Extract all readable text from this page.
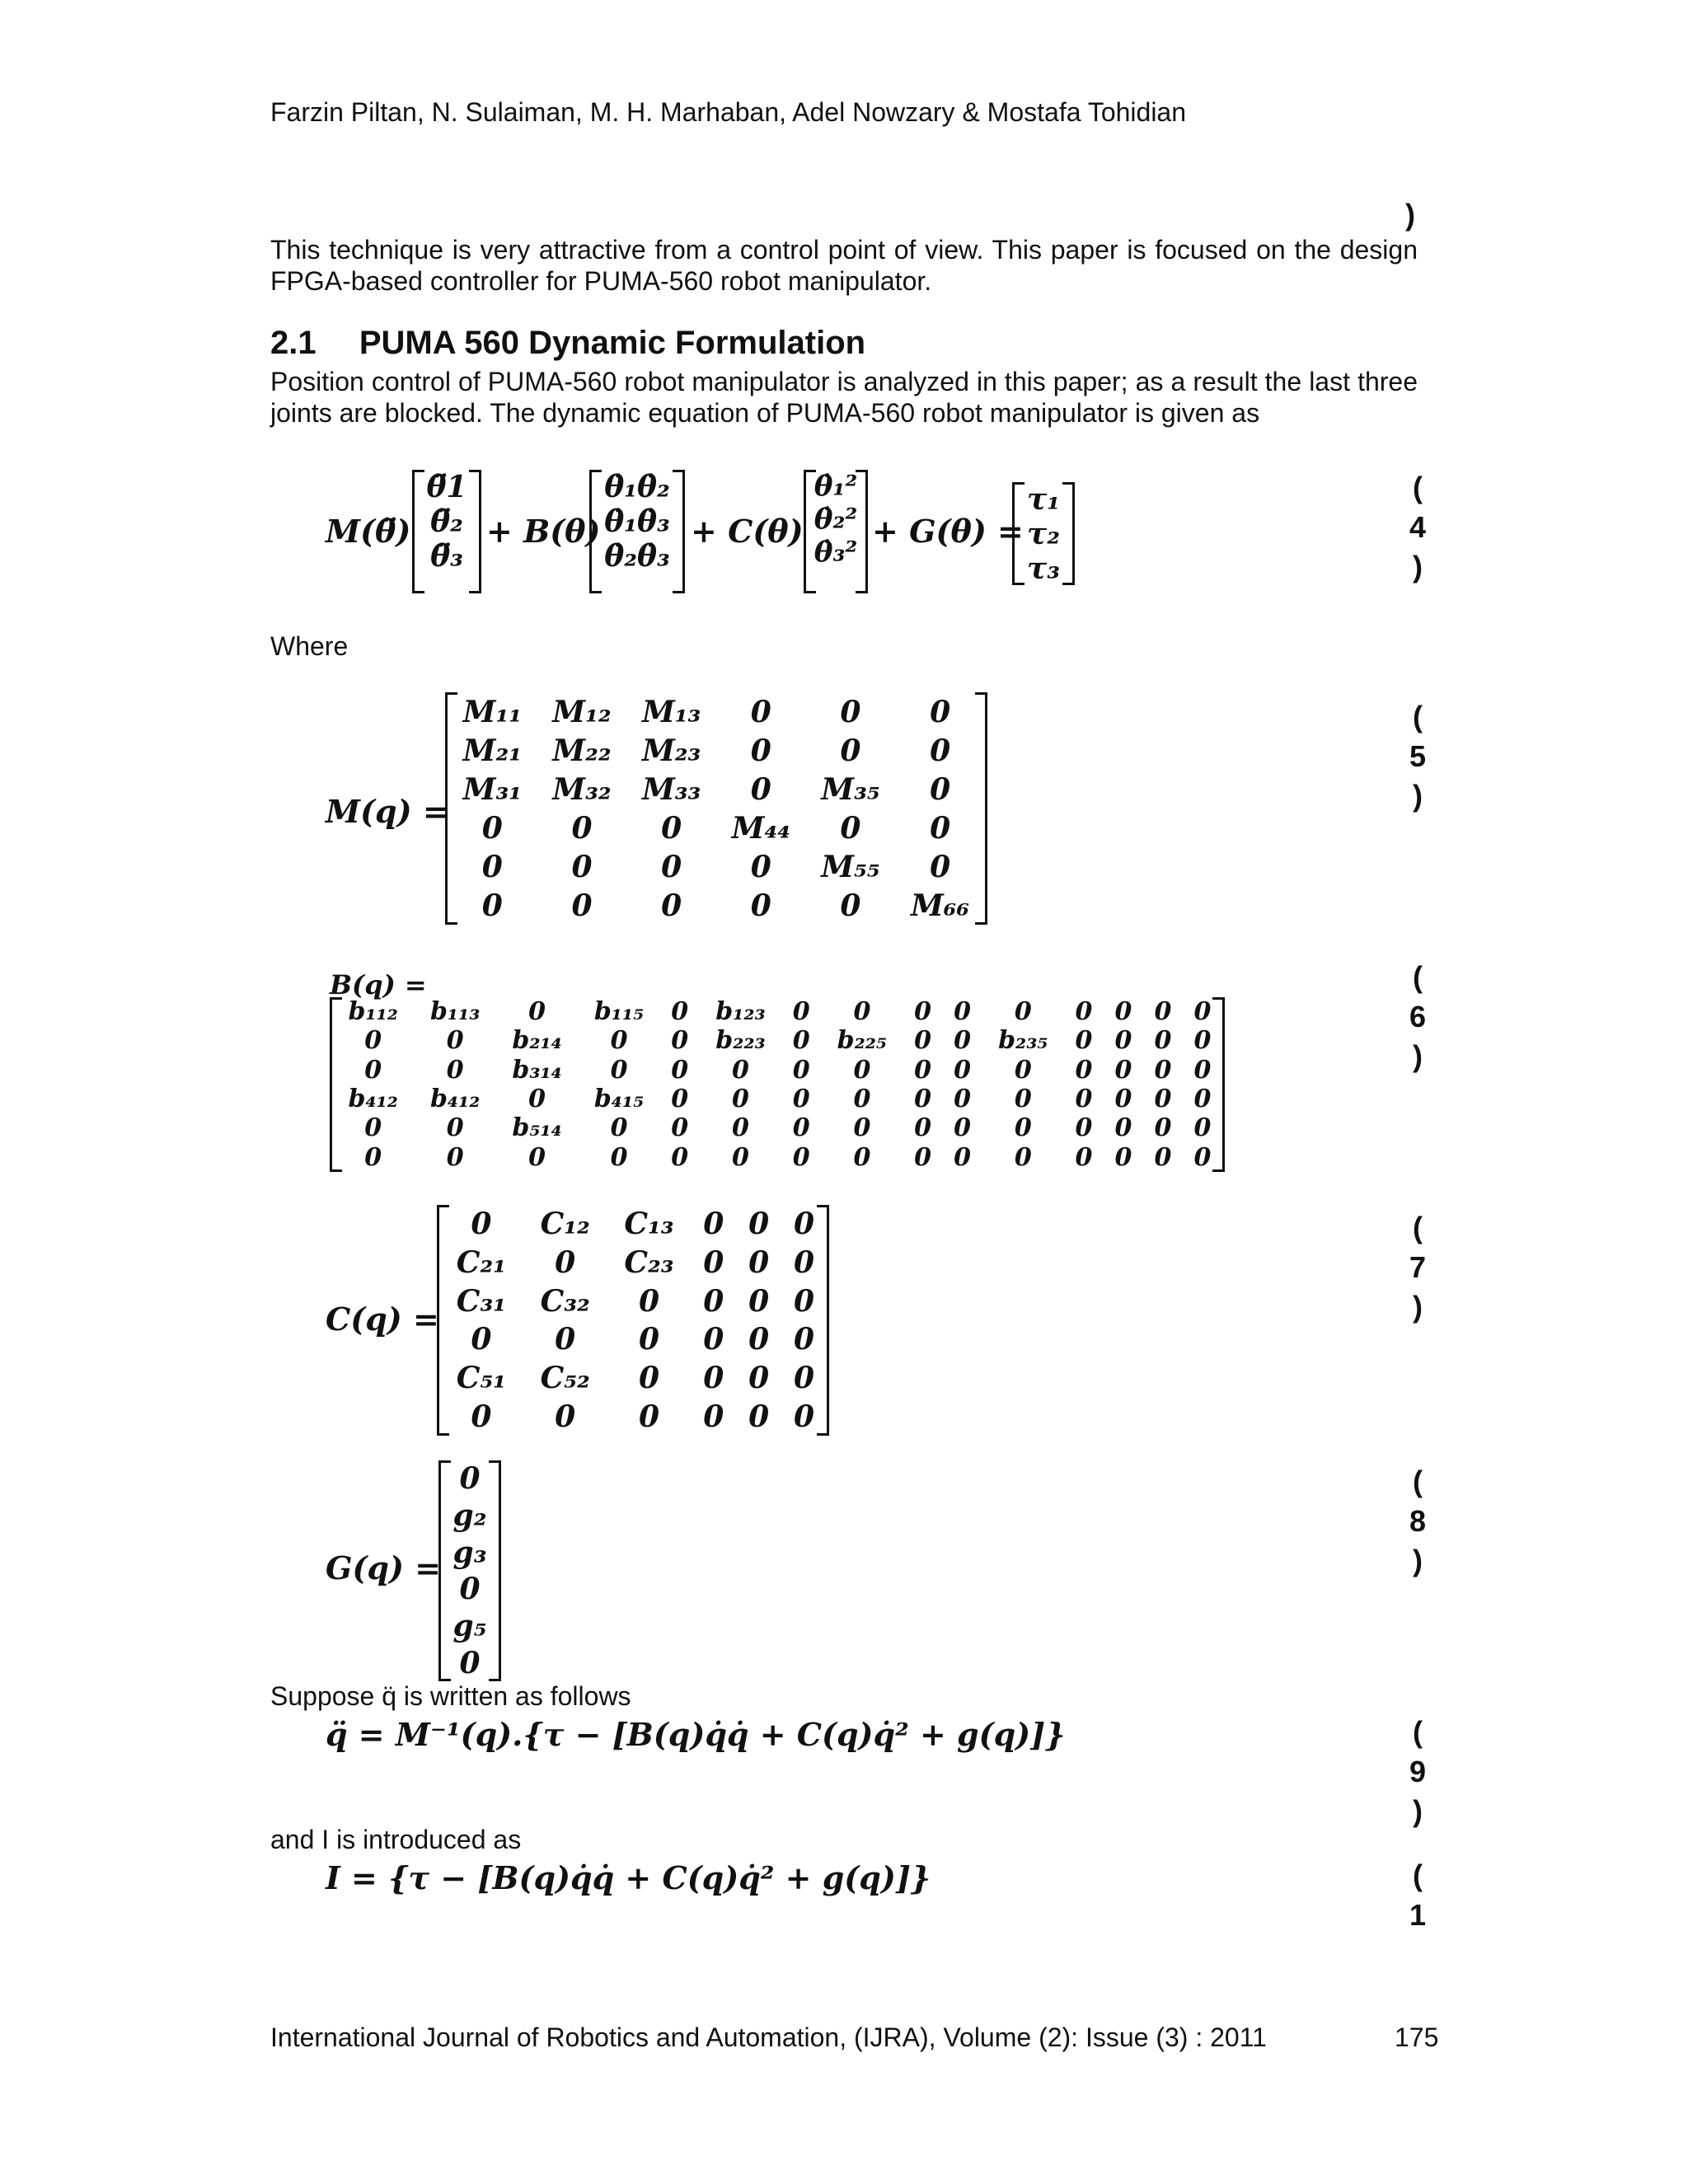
Farzin Piltan, N. Sulaiman, M. H. Marhaban, Adel Nowzary & Mostafa Tohidian
)
This technique is very attractive from a control point of view. This paper is focused on the design FPGA-based controller for PUMA-560 robot manipulator.
2.1 PUMA 560 Dynamic Formulation
Position control of PUMA-560 robot manipulator is analyzed in this paper; as a result the last three joints are blocked. The dynamic equation of PUMA-560 robot manipulator is given as
M(θ̈)
θ̈1
θ̈₂
θ̈₃
+ B(θ)
θ̇₁θ̇₂
θ̇₁θ̇₃
θ̇₂θ̇₃
+ C(θ)
θ̇₁²
θ̇₂²
θ̇₃²
+ G(θ) =
τ₁
τ₂
τ₃
(
4
)
Where
M(q) =
M₁₁	M₁₂	M₁₃	0	0	0
M₂₁	M₂₂	M₂₃	0	0	0
M₃₁	M₃₂	M₃₃	0	M₃₅	0
0	0	0	M₄₄	0	0
0	0	0	0	M₅₅	0
0	0	0	0	0	M₆₆
(
5
)
B(q) =
b₁₁₂	b₁₁₃	0	b₁₁₅	0	b₁₂₃	0	0	0	0	0	0	0	0	0
0	0	b₂₁₄	0	0	b₂₂₃	0	b₂₂₅	0	0	b₂₃₅	0	0	0	0
0	0	b₃₁₄	0	0	0	0	0	0	0	0	0	0	0	0
b₄₁₂	b₄₁₂	0	b₄₁₅	0	0	0	0	0	0	0	0	0	0	0
0	0	b₅₁₄	0	0	0	0	0	0	0	0	0	0	0	0
0	0	0	0	0	0	0	0	0	0	0	0	0	0	0
(
6
)
C(q) =
0	C₁₂	C₁₃	0	0	0
C₂₁	0	C₂₃	0	0	0
C₃₁	C₃₂	0	0	0	0
0	0	0	0	0	0
C₅₁	C₅₂	0	0	0	0
0	0	0	0	0	0
(
7
)
G(q) =
0
g₂
g₃
0
g₅
0
(
8
)
Suppose q̈ is written as follows
q̈ = M⁻¹(q).{τ − [B(q)q̇q̇ + C(q)q̇² + g(q)]}	(
9
)
and I is introduced as
I = {τ − [B(q)q̇q̇ + C(q)q̇² + g(q)]}	(
1
International Journal of Robotics and Automation, (IJRA), Volume (2): Issue (3) : 2011	175
